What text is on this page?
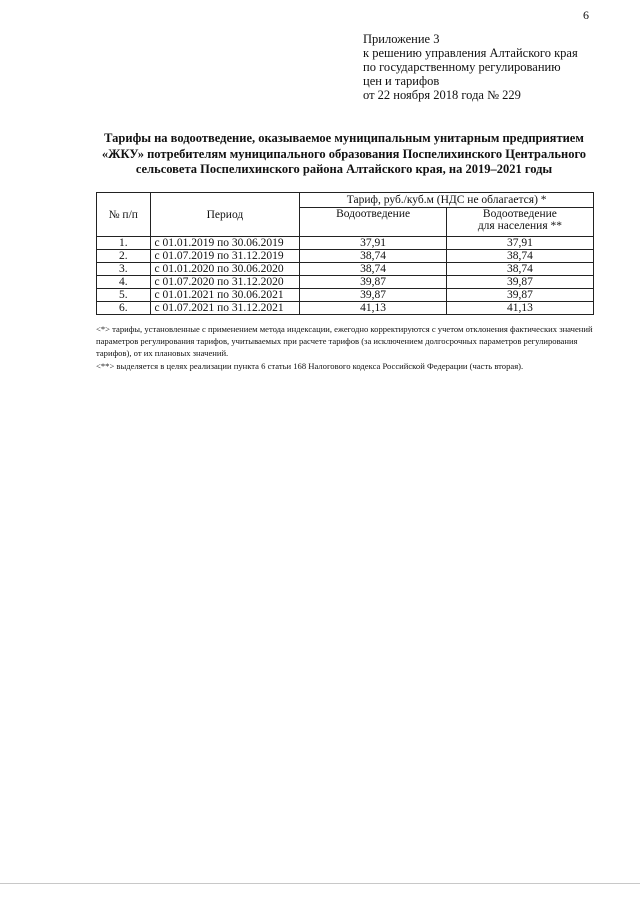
6
Приложение 3
к решению управления Алтайского края
по государственному регулированию
цен и тарифов
от 22 ноября 2018 года № 229
Тарифы на водоотведение, оказываемое муниципальным унитарным предприятием
«ЖКУ» потребителям муниципального образования Поспелихинского Центрального
сельсовета Поспелихинского района Алтайского края, на 2019–2021 годы
№ п/п	Период	Тариф, руб./куб.м (НДС не облагается) *	
		Водоотведение	Водоотведение
для населения **

1.	с 01.01.2019 по 30.06.2019	37,91	37,91
2.	с 01.07.2019 по 31.12.2019	38,74	38,74
3.	с 01.01.2020 по 30.06.2020	38,74	38,74
4.	с 01.07.2020 по 31.12.2020	39,87	39,87
5.	с 01.01.2021 по 30.06.2021	39,87	39,87
6.	с 01.07.2021 по 31.12.2021	41,13	41,13

<*> тарифы, установленные с применением метода индексации, ежегодно корректируются с учетом отклонения фактических значений параметров регулирования тарифов, учитываемых при расчете тарифов (за исключением долгосрочных параметров регулирования тарифов), от их плановых значений.

<**> выделяется в целях реализации пункта 6 статьи 168 Налогового кодекса Российской Федерации (часть вторая).
